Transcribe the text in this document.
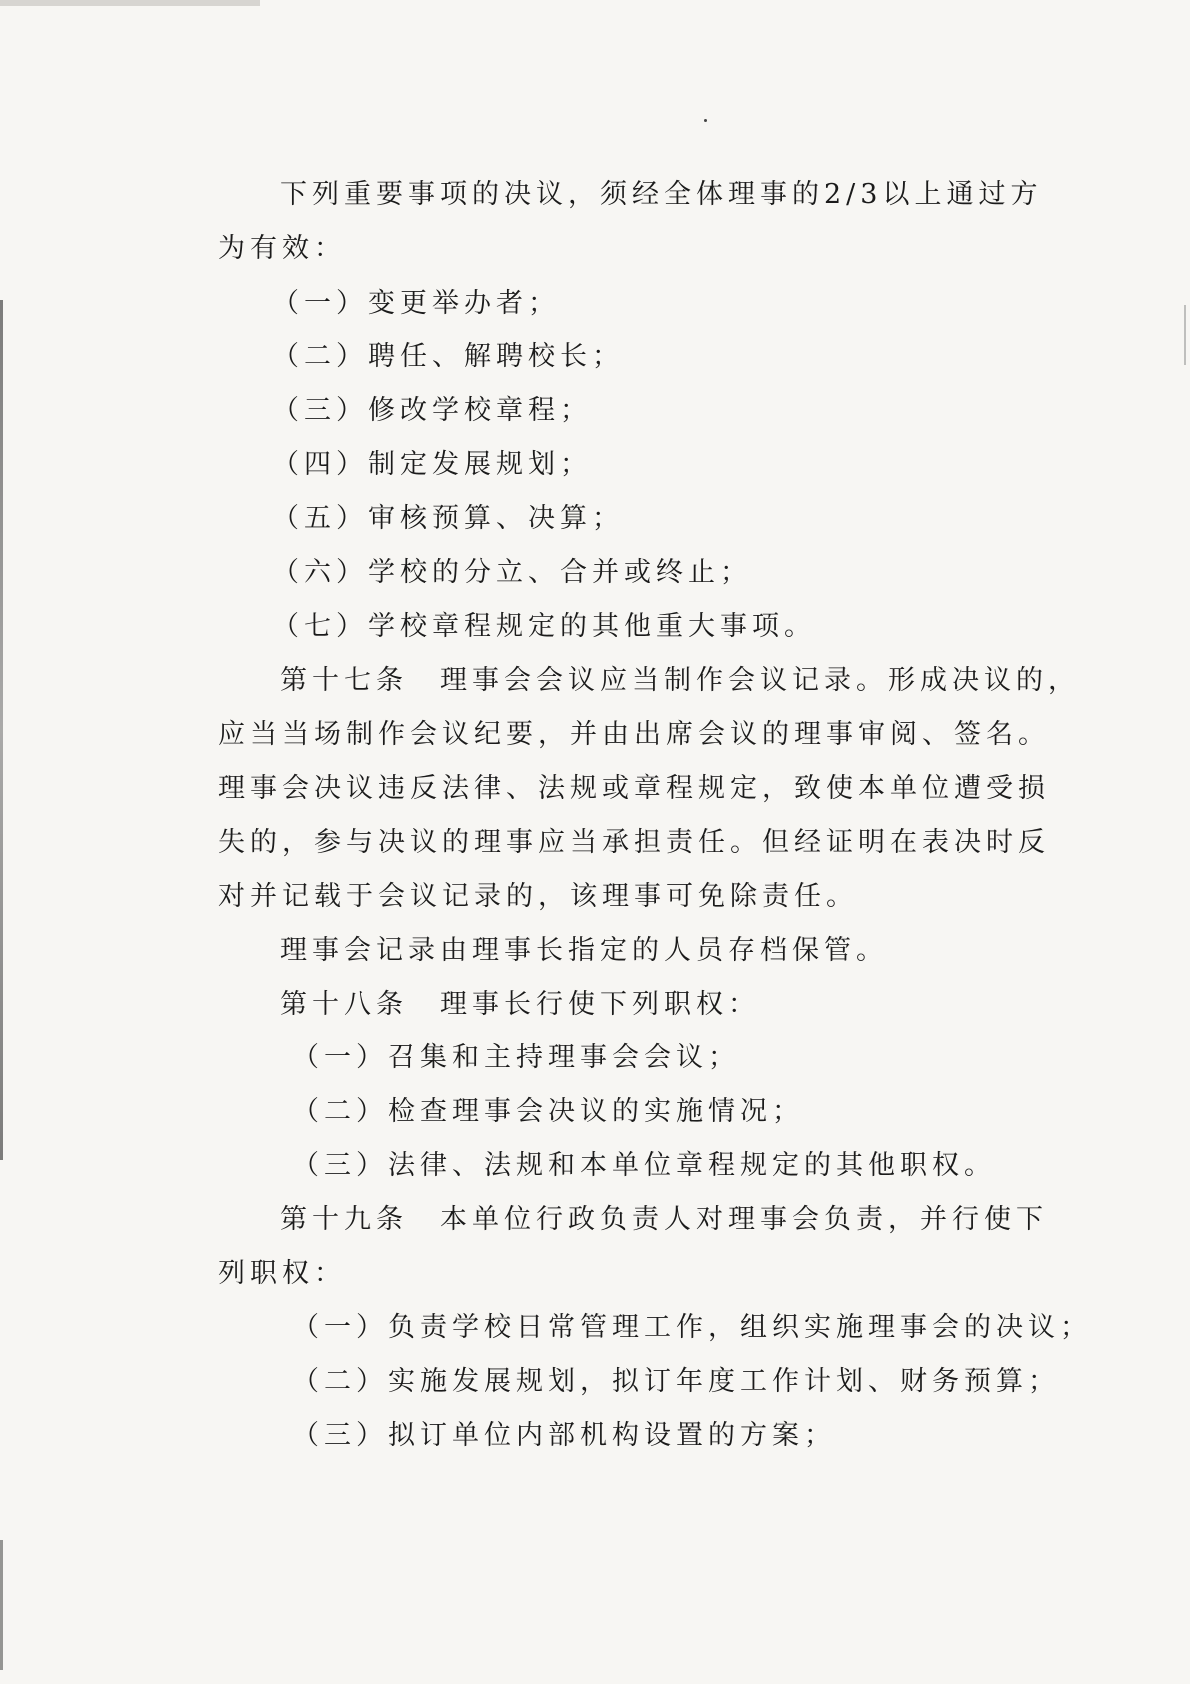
下列重要事项的决议，须经全体理事的2/3以上通过方
为有效：
（一）变更举办者；
（二）聘任、解聘校长；
（三）修改学校章程；
（四）制定发展规划；
（五）审核预算、决算；
（六）学校的分立、合并或终止；
（七）学校章程规定的其他重大事项。
第十七条　理事会会议应当制作会议记录。形成决议的，
应当当场制作会议纪要，并由出席会议的理事审阅、签名。
理事会决议违反法律、法规或章程规定，致使本单位遭受损
失的，参与决议的理事应当承担责任。但经证明在表决时反
对并记载于会议记录的，该理事可免除责任。
理事会记录由理事长指定的人员存档保管。
第十八条　理事长行使下列职权：
（一）召集和主持理事会会议；
（二）检查理事会决议的实施情况；
（三）法律、法规和本单位章程规定的其他职权。
第十九条　本单位行政负责人对理事会负责，并行使下
列职权：
（一）负责学校日常管理工作，组织实施理事会的决议；
（二）实施发展规划，拟订年度工作计划、财务预算；
（三）拟订单位内部机构设置的方案；
